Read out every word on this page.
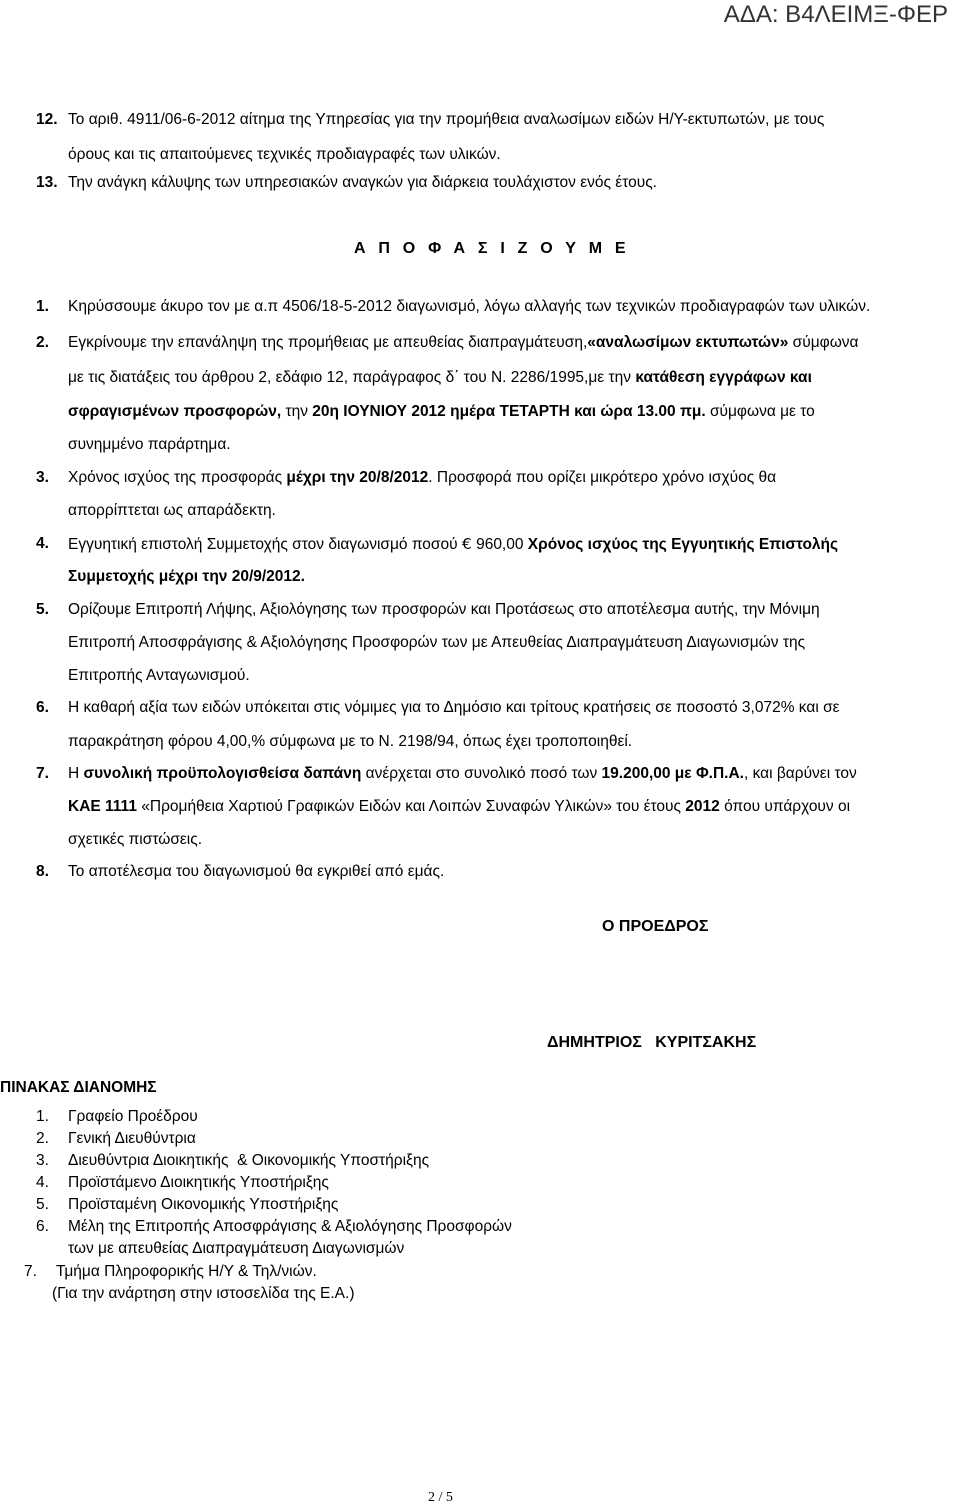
ΑΔΑ: Β4ΛΕΙΜΞ-ΦΕΡ
12. Το αριθ. 4911/06-6-2012 αίτημα της Υπηρεσίας για την προμήθεια αναλωσίμων ειδών Η/Υ-εκτυπωτών, με τους
όρους και τις απαιτούμενες τεχνικές προδιαγραφές των υλικών.
13. Την ανάγκη κάλυψης των υπηρεσιακών αναγκών για διάρκεια τουλάχιστον ενός έτους.
Α Π Ο Φ Α Σ Ι Ζ Ο Υ Μ Ε
1. Κηρύσσουμε άκυρο τον με α.π 4506/18-5-2012 διαγωνισμό, λόγω αλλαγής των τεχνικών προδιαγραφών των υλικών.
2. Εγκρίνουμε την επανάληψη της προμήθειας με απευθείας διαπραγμάτευση,«αναλωσίμων εκτυπωτών» σύμφωνα
με τις διατάξεις του άρθρου 2, εδάφιο 12, παράγραφος δ΄ του Ν. 2286/1995,με την κατάθεση εγγράφων και
σφραγισμένων προσφορών, την 20η ΙΟΥΝΙΟΥ 2012 ημέρα ΤΕΤΑΡΤΗ και ώρα 13.00 πμ. σύμφωνα με το
συνημμένο παράρτημα.
3. Χρόνος ισχύος της προσφοράς μέχρι την 20/8/2012. Προσφορά που ορίζει μικρότερο χρόνο ισχύος θα
απορρίπτεται ως απαράδεκτη.
4. Εγγυητική επιστολή Συμμετοχής στον διαγωνισμό ποσού € 960,00 Χρόνος ισχύος της Εγγυητικής Επιστολής
Συμμετοχής μέχρι την 20/9/2012.
5. Ορίζουμε Επιτροπή Λήψης, Αξιολόγησης των προσφορών και Προτάσεως στο αποτέλεσμα αυτής, την Μόνιμη
Επιτροπή Αποσφράγισης & Αξιολόγησης Προσφορών των με Απευθείας Διαπραγμάτευση Διαγωνισμών της
Επιτροπής Ανταγωνισμού.
6. Η καθαρή αξία των ειδών υπόκειται στις νόμιμες για το Δημόσιο και τρίτους κρατήσεις σε ποσοστό 3,072% και σε
παρακράτηση φόρου 4,00,% σύμφωνα με το Ν. 2198/94, όπως έχει τροποποιηθεί.
7. Η συνολική προϋπολογισθείσα δαπάνη ανέρχεται στο συνολικό ποσό των 19.200,00 με Φ.Π.Α., και βαρύνει τον
ΚΑΕ 1111 «Προμήθεια Χαρτιού Γραφικών Ειδών και Λοιπών Συναφών Υλικών» του έτους 2012 όπου υπάρχουν οι
σχετικές πιστώσεις.
8. Το αποτέλεσμα του διαγωνισμού θα εγκριθεί από εμάς.
Ο ΠΡΟΕΔΡΟΣ
ΔΗΜΗΤΡΙΟΣ   ΚΥΡΙΤΣΑΚΗΣ
ΠΙΝΑΚΑΣ ΔΙΑΝΟΜΗΣ
1. Γραφείο Προέδρου
2. Γενική Διευθύντρια
3. Διευθύντρια Διοικητικής  & Οικονομικής Υποστήριξης
4. Προϊστάμενο Διοικητικής Υποστήριξης
5. Προϊσταμένη Οικονομικής Υποστήριξης
6. Μέλη της Επιτροπής Αποσφράγισης & Αξιολόγησης Προσφορών
των με απευθείας Διαπραγμάτευση Διαγωνισμών
7. Τμήμα Πληροφορικής Η/Υ & Τηλ/νιών.
(Για την ανάρτηση στην ιστοσελίδα της Ε.Α.)
2 / 5
